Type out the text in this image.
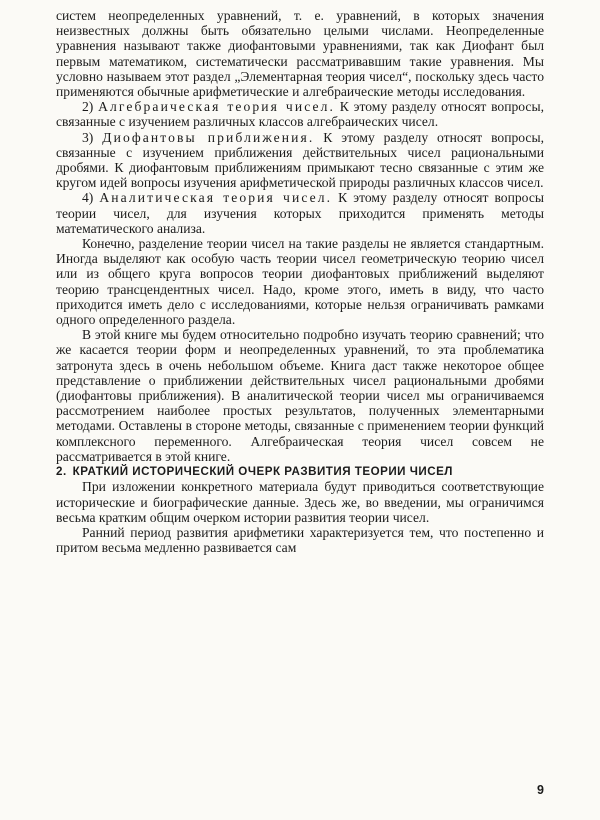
систем неопределенных уравнений, т. е. уравнений, в которых значения неизвестных должны быть обязательно целыми числами. Неопределенные уравнения называют также диофантовыми уравнениями, так как Диофант был первым математиком, систематически рассматривавшим такие уравнения. Мы условно называем этот раздел „Элементарная теория чисел“, поскольку здесь часто применяются обычные арифметические и алгебраические методы исследования.

2) Алгебраическая теория чисел. К этому разделу относят вопросы, связанные с изучением различных классов алгебраических чисел.

3) Диофантовы приближения. К этому разделу относят вопросы, связанные с изучением приближения действительных чисел рациональными дробями. К диофантовым приближениям примыкают тесно связанные с этим же кругом идей вопросы изучения арифметической природы различных классов чисел.

4) Аналитическая теория чисел. К этому разделу относят вопросы теории чисел, для изучения которых приходится применять методы математического анализа.

Конечно, разделение теории чисел на такие разделы не является стандартным. Иногда выделяют как особую часть теории чисел геометрическую теорию чисел или из общего круга вопросов теории диофантовых приближений выделяют теорию трансцендентных чисел. Надо, кроме этого, иметь в виду, что часто приходится иметь дело с исследованиями, которые нельзя ограничивать рамками одного определенного раздела.

В этой книге мы будем относительно подробно изучать теорию сравнений; что же касается теории форм и неопределенных уравнений, то эта проблематика затронута здесь в очень небольшом объеме. Книга даст также некоторое общее представление о приближении действительных чисел рациональными дробями (диофантовы приближения). В аналитической теории чисел мы ограничиваемся рассмотрением наиболее простых результатов, полученных элементарными методами. Оставлены в стороне методы, связанные с применением теории функций комплексного переменного. Алгебраическая теория чисел совсем не рассматривается в этой книге.

2. КРАТКИЙ ИСТОРИЧЕСКИЙ ОЧЕРК РАЗВИТИЯ ТЕОРИИ ЧИСЕЛ

При изложении конкретного материала будут приводиться соответствующие исторические и биографические данные. Здесь же, во введении, мы ограничимся весьма кратким общим очерком истории развития теории чисел.

Ранний период развития арифметики характеризуется тем, что постепенно и притом весьма медленно развивается сам

9
